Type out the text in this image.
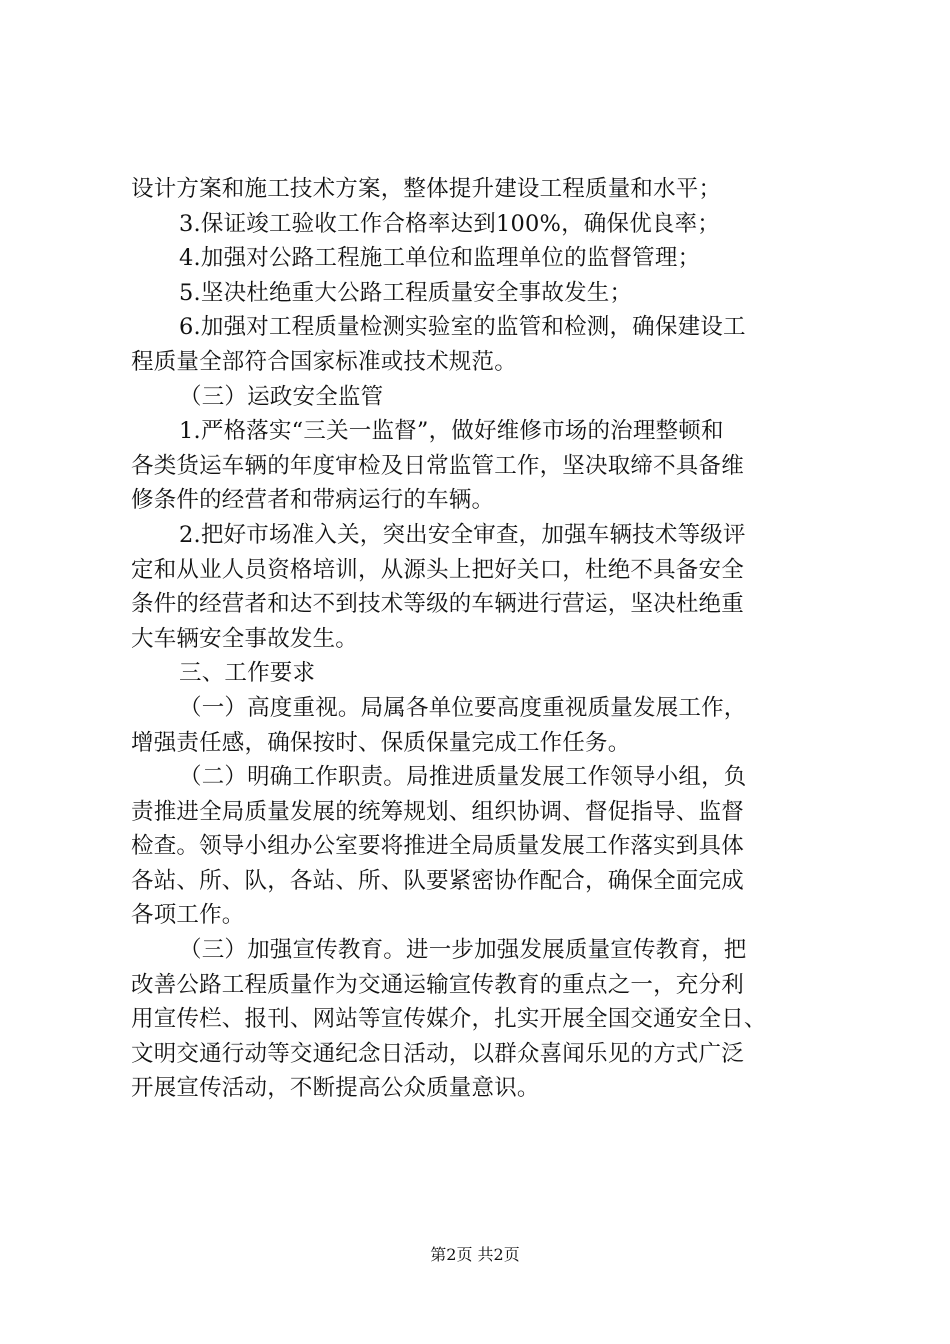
设计方案和施工技术方案，整体提升建设工程质量和水平；
3.保证竣工验收工作合格率达到100%，确保优良率；
4.加强对公路工程施工单位和监理单位的监督管理；
5.坚决杜绝重大公路工程质量安全事故发生；
6.加强对工程质量检测实验室的监管和检测，确保建设工
程质量全部符合国家标准或技术规范。
（三）运政安全监管
1.严格落实“三关一监督”，做好维修市场的治理整顿和
各类货运车辆的年度审检及日常监管工作，坚决取缔不具备维
修条件的经营者和带病运行的车辆。
2.把好市场准入关，突出安全审查，加强车辆技术等级评
定和从业人员资格培训，从源头上把好关口，杜绝不具备安全
条件的经营者和达不到技术等级的车辆进行营运，坚决杜绝重
大车辆安全事故发生。
三、工作要求
（一）高度重视。局属各单位要高度重视质量发展工作，
增强责任感，确保按时、保质保量完成工作任务。
（二）明确工作职责。局推进质量发展工作领导小组，负
责推进全局质量发展的统筹规划、组织协调、督促指导、监督
检查。领导小组办公室要将推进全局质量发展工作落实到具体
各站、所、队，各站、所、队要紧密协作配合，确保全面完成
各项工作。
（三）加强宣传教育。进一步加强发展质量宣传教育，把
改善公路工程质量作为交通运输宣传教育的重点之一，充分利
用宣传栏、报刊、网站等宣传媒介，扎实开展全国交通安全日、
文明交通行动等交通纪念日活动，以群众喜闻乐见的方式广泛
开展宣传活动，不断提高公众质量意识。
第2页 共2页
